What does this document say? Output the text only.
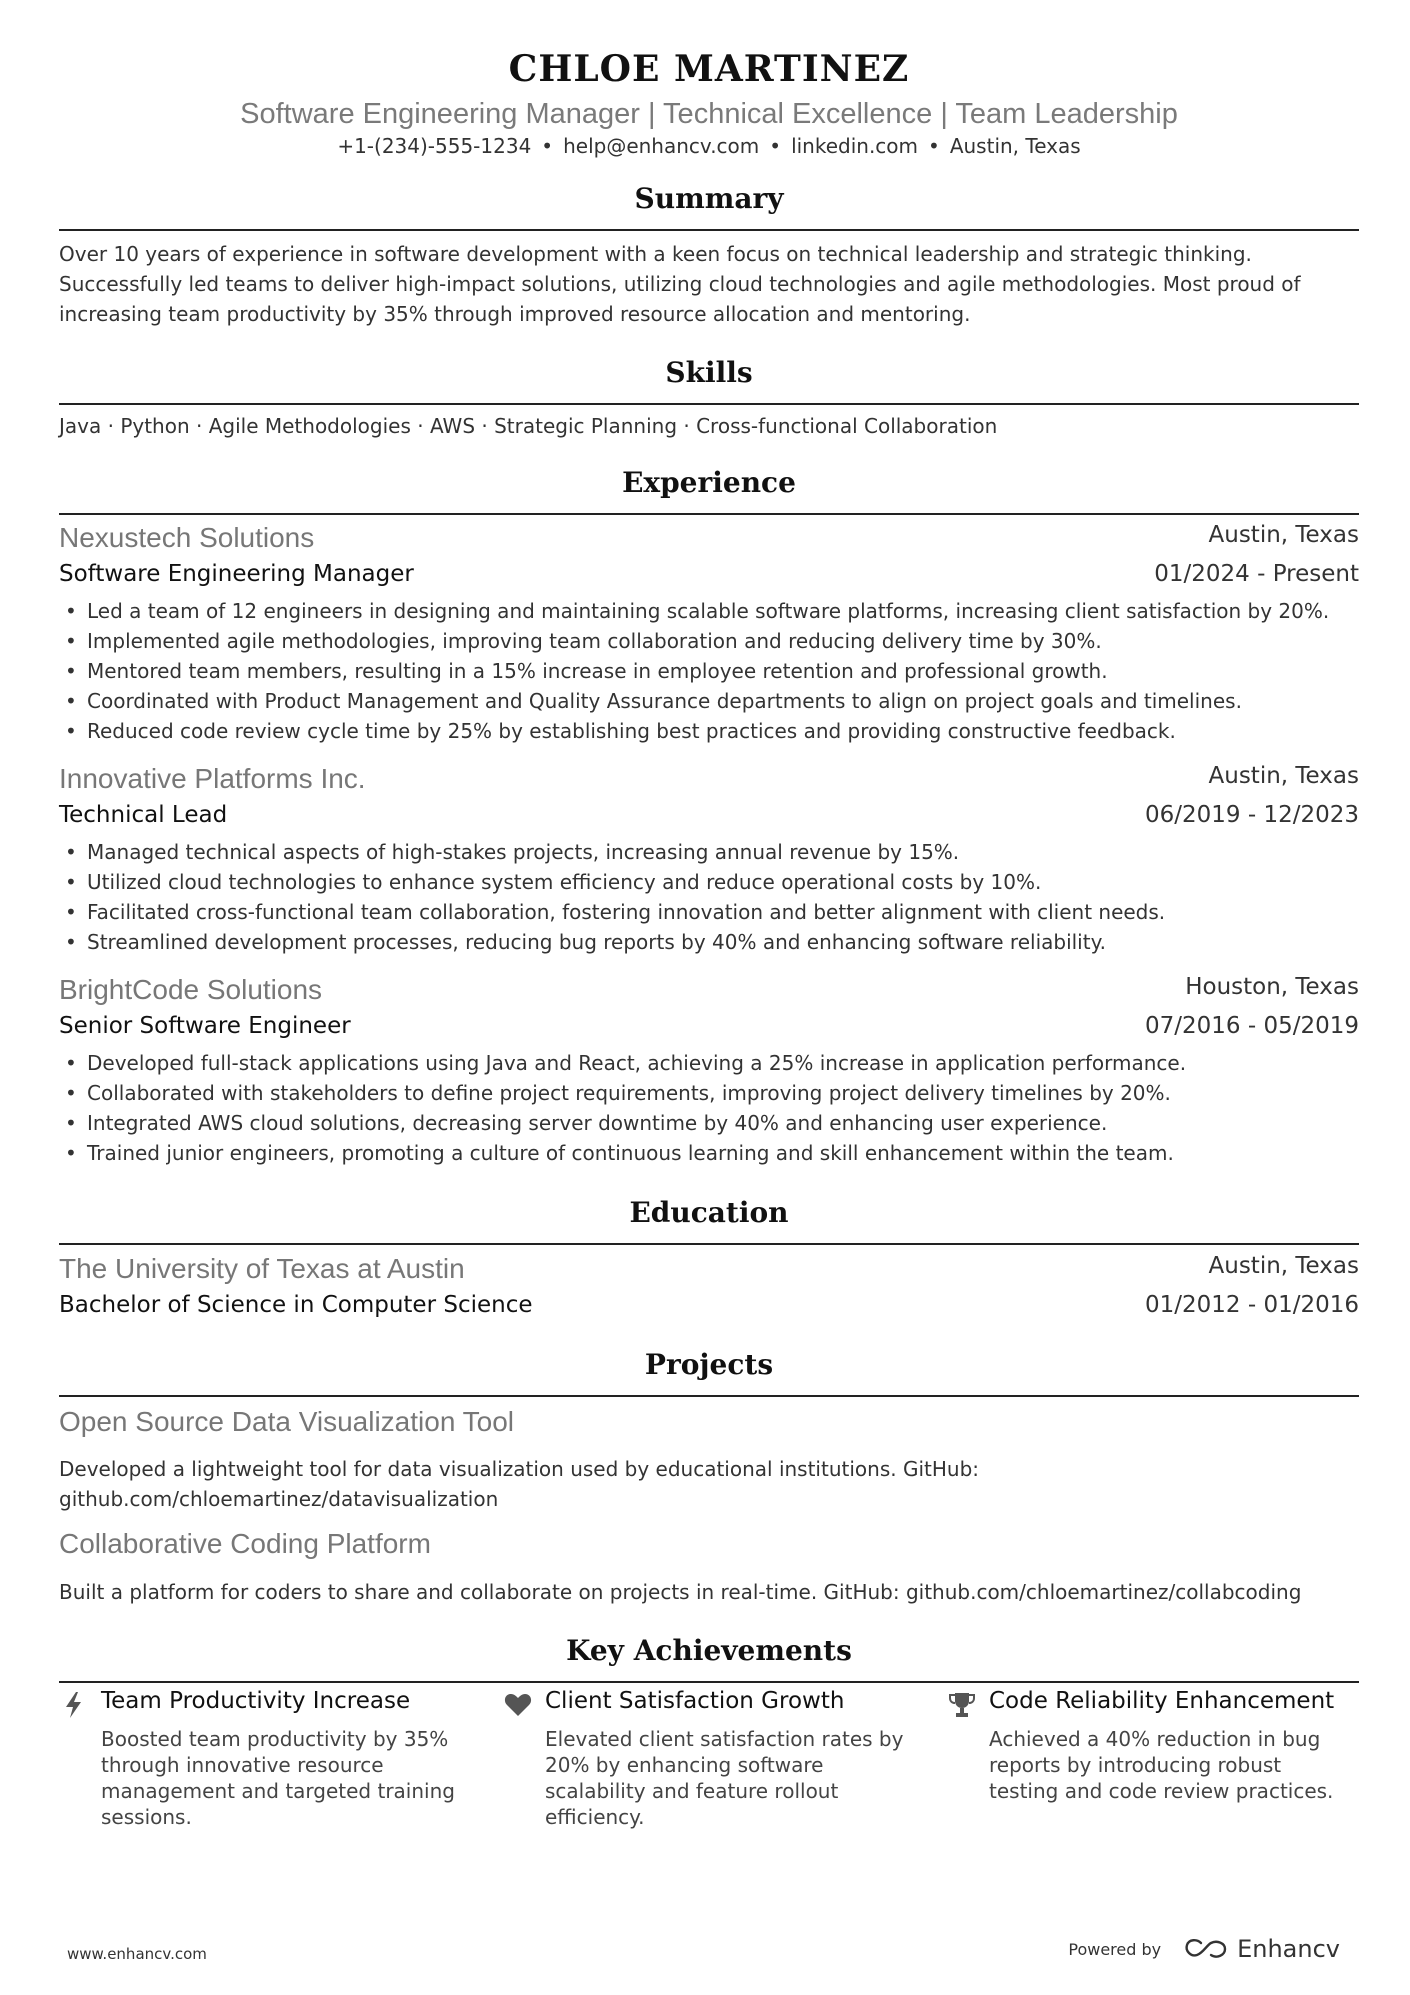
CHLOE MARTINEZ
Software Engineering Manager | Technical Excellence | Team Leadership
+1-(234)-555-1234 • help@enhancv.com • linkedin.com • Austin, Texas
Summary
Over 10 years of experience in software development with a keen focus on technical leadership and strategic thinking. Successfully led teams to deliver high-impact solutions, utilizing cloud technologies and agile methodologies. Most proud of increasing team productivity by 35% through improved resource allocation and mentoring.
Skills
Java · Python · Agile Methodologies · AWS · Strategic Planning · Cross-functional Collaboration
Experience
Nexustech Solutions	Austin, Texas
Software Engineering Manager	01/2024 - Present
• Led a team of 12 engineers in designing and maintaining scalable software platforms, increasing client satisfaction by 20%.
• Implemented agile methodologies, improving team collaboration and reducing delivery time by 30%.
• Mentored team members, resulting in a 15% increase in employee retention and professional growth.
• Coordinated with Product Management and Quality Assurance departments to align on project goals and timelines.
• Reduced code review cycle time by 25% by establishing best practices and providing constructive feedback.
Innovative Platforms Inc.	Austin, Texas
Technical Lead	06/2019 - 12/2023
• Managed technical aspects of high-stakes projects, increasing annual revenue by 15%.
• Utilized cloud technologies to enhance system efficiency and reduce operational costs by 10%.
• Facilitated cross-functional team collaboration, fostering innovation and better alignment with client needs.
• Streamlined development processes, reducing bug reports by 40% and enhancing software reliability.
BrightCode Solutions	Houston, Texas
Senior Software Engineer	07/2016 - 05/2019
• Developed full-stack applications using Java and React, achieving a 25% increase in application performance.
• Collaborated with stakeholders to define project requirements, improving project delivery timelines by 20%.
• Integrated AWS cloud solutions, decreasing server downtime by 40% and enhancing user experience.
• Trained junior engineers, promoting a culture of continuous learning and skill enhancement within the team.
Education
The University of Texas at Austin	Austin, Texas
Bachelor of Science in Computer Science	01/2012 - 01/2016
Projects
Open Source Data Visualization Tool
Developed a lightweight tool for data visualization used by educational institutions. GitHub: github.com/chloemartinez/datavisualization
Collaborative Coding Platform
Built a platform for coders to share and collaborate on projects in real-time. GitHub: github.com/chloemartinez/collabcoding
Key Achievements
Team Productivity Increase
Boosted team productivity by 35% through innovative resource management and targeted training sessions.
Client Satisfaction Growth
Elevated client satisfaction rates by 20% by enhancing software scalability and feature rollout efficiency.
Code Reliability Enhancement
Achieved a 40% reduction in bug reports by introducing robust testing and code review practices.
www.enhancv.com	Powered by	Enhancv
